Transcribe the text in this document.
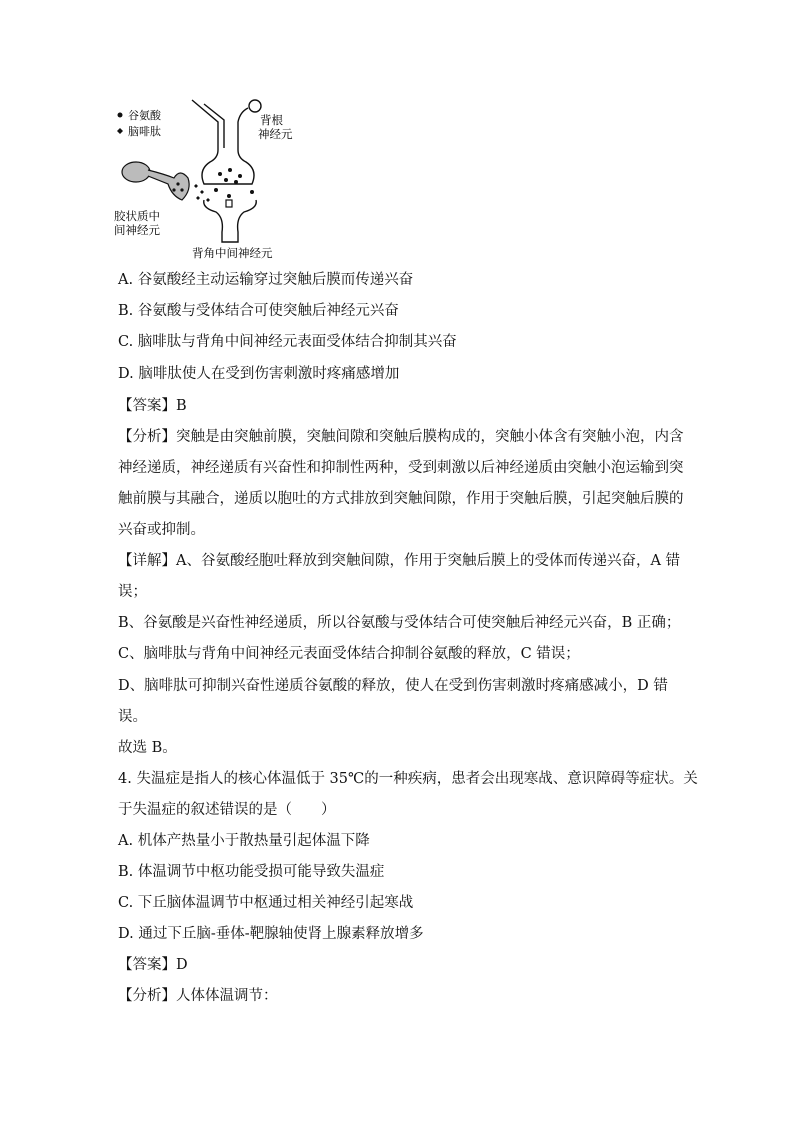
谷氨酸
脑啡肽
背根
神经元
背角中间神经元
胶状质中
间神经元
A. 谷氨酸经主动运输穿过突触后膜而传递兴奋
B. 谷氨酸与受体结合可使突触后神经元兴奋
C. 脑啡肽与背角中间神经元表面受体结合抑制其兴奋
D. 脑啡肽使人在受到伤害刺激时疼痛感增加
【答案】B
【分析】突触是由突触前膜，突触间隙和突触后膜构成的，突触小体含有突触小泡，内含
神经递质，神经递质有兴奋性和抑制性两种，受到刺激以后神经递质由突触小泡运输到突
触前膜与其融合，递质以胞吐的方式排放到突触间隙，作用于突触后膜，引起突触后膜的
兴奋或抑制。
【详解】A、谷氨酸经胞吐释放到突触间隙，作用于突触后膜上的受体而传递兴奋，A 错
误；
B、谷氨酸是兴奋性神经递质，所以谷氨酸与受体结合可使突触后神经元兴奋，B 正确；
C、脑啡肽与背角中间神经元表面受体结合抑制谷氨酸的释放，C 错误；
D、脑啡肽可抑制兴奋性递质谷氨酸的释放，使人在受到伤害刺激时疼痛感减小，D 错
误。
故选 B。
4. 失温症是指人的核心体温低于 35℃的一种疾病，患者会出现寒战、意识障碍等症状。关
于失温症的叙述错误的是（　　）
A. 机体产热量小于散热量引起体温下降
B. 体温调节中枢功能受损可能导致失温症
C. 下丘脑体温调节中枢通过相关神经引起寒战
D. 通过下丘脑-垂体-靶腺轴使肾上腺素释放增多
【答案】D
【分析】人体体温调节：
